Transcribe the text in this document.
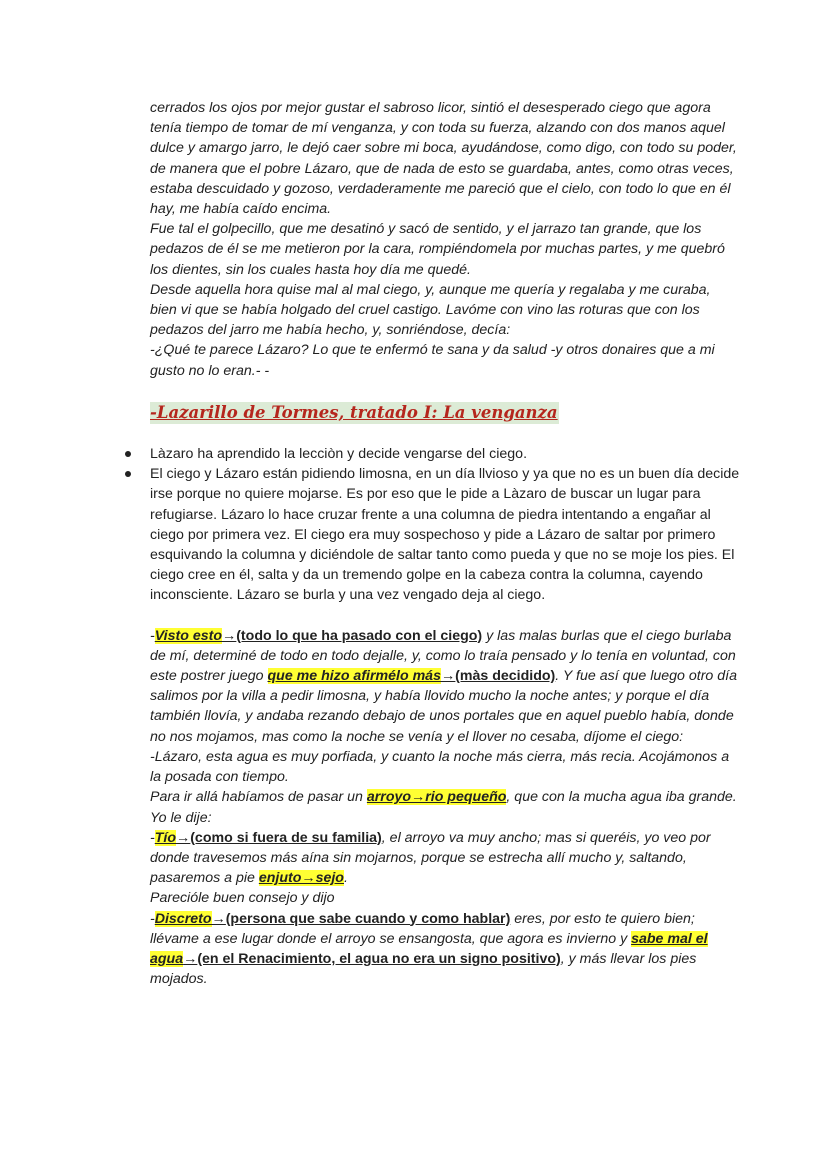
cerrados los ojos por mejor gustar el sabroso licor, sintió el desesperado ciego que agora tenía tiempo de tomar de mí venganza, y con toda su fuerza, alzando con dos manos aquel dulce y amargo jarro, le dejó caer sobre mi boca, ayudándose, como digo, con todo su poder, de manera que el pobre Lázaro, que de nada de esto se guardaba, antes, como otras veces, estaba descuidado y gozoso, verdaderamente me pareció que el cielo, con todo lo que en él hay, me había caído encima.

Fue tal el golpecillo, que me desatinó y sacó de sentido, y el jarrazo tan grande, que los pedazos de él se me metieron por la cara, rompiéndomela por muchas partes, y me quebró los dientes, sin los cuales hasta hoy día me quedé.

Desde aquella hora quise mal al mal ciego, y, aunque me quería y regalaba y me curaba, bien vi que se había holgado del cruel castigo. Lavóme con vino las roturas que con los pedazos del jarro me había hecho, y, sonriéndose, decía:

-¿Qué te parece Lázaro? Lo que te enfermó te sana y da salud -y otros donaires que a mi gusto no lo eran.- -

-Lazarillo de Tormes, tratado I: La venganza
Làzaro ha aprendido la lecciòn y decide vengarse del ciego.
El ciego y Lázaro están pidiendo limosna, en un día llvioso y ya que no es un buen día decide irse porque no quiere mojarse. Es por eso que le pide a Làzaro de buscar un lugar para refugiarse. Lázaro lo hace cruzar frente a una columna de piedra intentando a engañar al ciego por primera vez. El ciego era muy sospechoso y pide a Lázaro de saltar por primero esquivando la columna y diciéndole de saltar tanto como pueda y que no se moje los pies. El ciego cree en él, salta y da un tremendo golpe en la cabeza contra la columna, cayendo inconsciente. Lázaro se burla y una vez vengado deja al ciego.

-Visto esto→(todo lo que ha pasado con el ciego) y las malas burlas que el ciego burlaba de mí, determiné de todo en todo dejalle, y, como lo traía pensado y lo tenía en voluntad, con este postrer juego que me hizo afirmélo más→(màs decidido). Y fue así que luego otro día salimos por la villa a pedir limosna, y había llovido mucho la noche antes; y porque el día también llovía, y andaba rezando debajo de unos portales que en aquel pueblo había, donde no nos mojamos, mas como la noche se venía y el llover no cesaba, díjome el ciego:

-Lázaro, esta agua es muy porfiada, y cuanto la noche más cierra, más recia. Acojámonos a la posada con tiempo.

Para ir allá habíamos de pasar un arroyo→rio pequeño, que con la mucha agua iba grande. Yo le dije:

-Tío→(como si fuera de su familia), el arroyo va muy ancho; mas si queréis, yo veo por donde travesemos más aína sin mojarnos, porque se estrecha allí mucho y, saltando, pasaremos a pie enjuto→sejo.

Parecióle buen consejo y dijo

-Discreto→(persona que sabe cuando y como hablar) eres, por esto te quiero bien; llévame a ese lugar donde el arroyo se ensangosta, que agora es invierno y sabe mal el agua→(en el Renacimiento, el agua no era un signo positivo), y más llevar los pies mojados.
